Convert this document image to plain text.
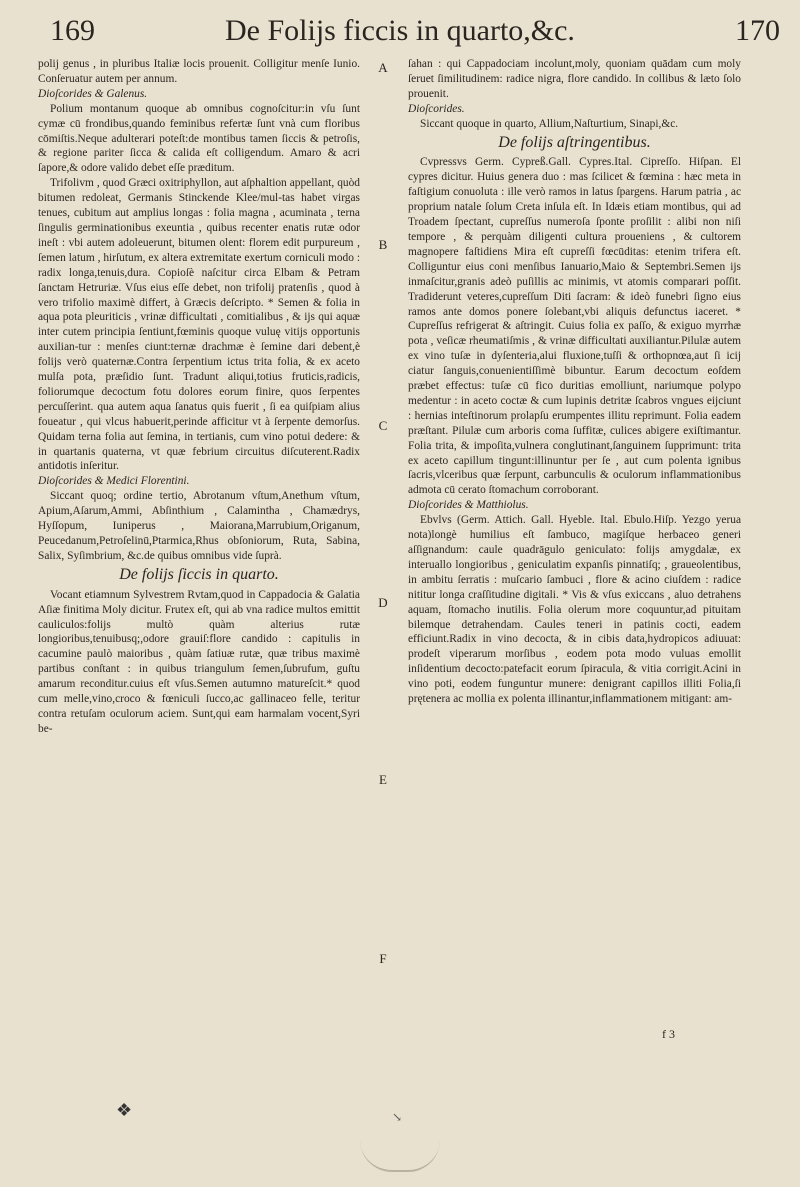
169	De Folijs ficcis in quarto,&c.	170

polij genus , in pluribus Italiæ locis prouenit. Colligitur menſe Iunio. Conſeruatur autem per annum.

Dioſcorides & Galenus.

Polium montanum quoque ab omnibus cognoſcitur:in vſu ſunt cymæ cū frondibus,quando feminibus refertæ ſunt vnà cum floribus cōmiſtis.Neque adulterari poteſt:de montibus tamen ſiccis & petroſis, & regione pariter ſicca & calida eſt colligendum. Amaro & acri ſapore,& odore valido debet eſſe præditum.

Trifolivm , quod Græci oxitriphyllon, aut aſphaltion appellant, quòd bitumen redoleat, Germanis Stinckende Klee/mul-tas habet virgas tenues, cubitum aut amplius longas : folia magna , acuminata , terna ſingulis germinationibus exeuntia , quibus recenter enatis rutæ odor ineſt : vbi autem adoleuerunt, bitumen olent: florem edit purpureum , ſemen latum , hirſutum, ex altera extremitate exertum corniculi modo : radix longa,tenuis,dura. Copioſè naſcitur circa Elbam & Petram ſanctam Hetruriæ. Vſus eius eſſe debet, non trifolij pratenſis , quod à vero trifolio maximè differt, à Græcis deſcripto. * Semen & folia in aqua pota pleuriticis , vrinæ difficultati , comitialibus , & ijs qui aquæ inter cutem principia ſentiunt,fœminis quoque vuluę vitijs opportunis auxilian-tur : menſes ciunt:ternæ drachmæ è ſemine dari debent,è folijs verò quaternæ.Contra ſerpentium ictus trita folia, & ex aceto mulſa pota, præſidio ſunt. Tradunt aliqui,totius fruticis,radicis, foliorumque decoctum fotu dolores eorum finire, quos ſerpentes percuſſerint. qua autem aqua ſanatus quis fuerit , ſi ea quiſpiam alius foueatur , qui vlcus habuerit,perinde afficitur vt à ſerpente demorſus. Quidam terna folia aut ſemina, in tertianis, cum vino potui dedere: & in quartanis quaterna, vt quæ febrium circuitus diſcuterent.Radix antidotis inſeritur.

Dioſcorides & Medici Florentini.

Siccant quoq; ordine tertio, Abrotanum vſtum,Anethum vſtum, Apium,Aſarum,Ammi, Abſinthium , Calamintha , Chamædrys, Hyſſopum, Iuniperus , Maiorana,Marrubium,Origanum, Peucedanum,Petroſelinū,Ptarmica,Rhus obſoniorum, Ruta, Sabina, Salix, Syſimbrium, &c.de quibus omnibus vide ſuprà.

De folijs ſiccis in quarto.

Vocant etiamnum Sylvestrem Rvtam,quod in Cappadocia & Galatia Aſiæ finitima Moly dicitur. Frutex eſt, qui ab vna radice multos emittit cauliculos:folijs multò quàm alterius rutæ longioribus,tenuibusq;,odore grauiſ:flore candido : capitulis in cacumine paulò maioribus , quàm ſatiuæ rutæ, quæ tribus maximè partibus conſtant : in quibus triangulum ſemen,ſubrufum, guſtu amarum reconditur.cuius eſt vſus.Semen autumno matureſcit.* quod cum melle,vino,croco & fœniculi ſucco,ac gallinaceo felle, teritur contra retuſam oculorum aciem. Sunt,qui eam harmalam vocent,Syri be-

A
B
C
D
E
F

ſahan : qui Cappadociam incolunt,moly, quoniam quādam cum moly ſeruet ſimilitudinem: radice nigra, flore candido. In collibus & læto ſolo prouenit.

Dioſcorides.

Siccant quoque in quarto, Allium,Naſturtium, Sinapi,&c.

De folijs aſtringentibus.

Cvpressvs Germ. Cypreß.Gall. Cypres.Ital. Cipreſſo. Hiſpan. El cypres dicitur. Huius genera duo : mas ſcilicet & fœmina : hæc meta in faſtigium conuoluta : ille verò ramos in latus ſpargens. Harum patria , ac proprium natale ſolum Creta inſula eſt. In Idæis etiam montibus, qui ad Troadem ſpectant, cupreſſus numeroſa ſponte proſilit : alibi non niſi tempore , & perquàm diligenti cultura proueniens , & cultorem magnopere faſtidiens Mira eſt cupreſſi fœcūditas: etenim trifera eſt. Colliguntur eius coni menſibus Ianuario,Maio & Septembri.Semen ijs inmaſcitur,granis adeò puſillis ac minimis, vt atomis comparari poſſit. Tradiderunt veteres,cupreſſum Diti ſacram: & ideò funebri ſigno eius ramos ante domos ponere ſolebant,vbi aliquis defunctus iaceret. * Cupreſſus refrigerat & aſtringit. Cuius folia ex paſſo, & exiguo myrrhæ pota , veſicæ rheumatiſmis , & vrinæ difficultati auxiliantur.Pilulæ autem ex vino tuſæ in dyſenteria,alui fluxione,tuſſi & orthopnœa,aut ſi icij ciatur ſanguis,conuenientiſſimè bibuntur. Earum decoctum eoſdem præbet effectus: tuſæ cū fico duritias emolliunt, nariumque polypo medentur : in aceto coctæ & cum lupinis detritæ ſcabros vngues eijciunt : hernias inteſtinorum prolapſu erumpentes illitu reprimunt. Folia eadem præſtant. Pilulæ cum arboris coma ſuffitæ, culices abigere exiſtimantur. Folia trita, & impoſita,vulnera conglutinant,ſanguinem ſupprimunt: trita ex aceto capillum tingunt:illinuntur per ſe , aut cum polenta ignibus ſacris,vlceribus quæ ſerpunt, carbunculis & oculorum inflammationibus admota cū cerato ſtomachum corroborant.

Dioſcorides & Matthiolus.

Ebvlvs (Germ. Attich. Gall. Hyeble. Ital. Ebulo.Hiſp. Yezgo yerua nota)longè humilius eſt ſambuco, magiſque herbaceo generi aſſignandum: caule quadrāgulo geniculato: folijs amygdalæ, ex interuallo longioribus , geniculatim expanſis pinnatiſq; , graueolentibus, in ambitu ſerratis : muſcario ſambuci , flore & acino ciuſdem : radice nititur longa craſſitudine digitali. * Vis & vſus exiccans , aluo detrahens aquam, ſtomacho inutilis. Folia olerum more coquuntur,ad pituitam bilemque detrahendam. Caules teneri in patinis cocti, eadem efficiunt.Radix in vino decocta, & in cibis data,hydropicos adiuuat: prodeſt viperarum morſibus , eodem pota modo vuluas emollit inſidentium decocto:patefacit eorum ſpiracula, & vitia corrigit.Acini in vino poti, eodem funguntur munere: denigrant capillos illiti Folia,ſi prętenera ac mollia ex polenta illinantur,inflammationem mitigant: am-

f 3
❖	↘
